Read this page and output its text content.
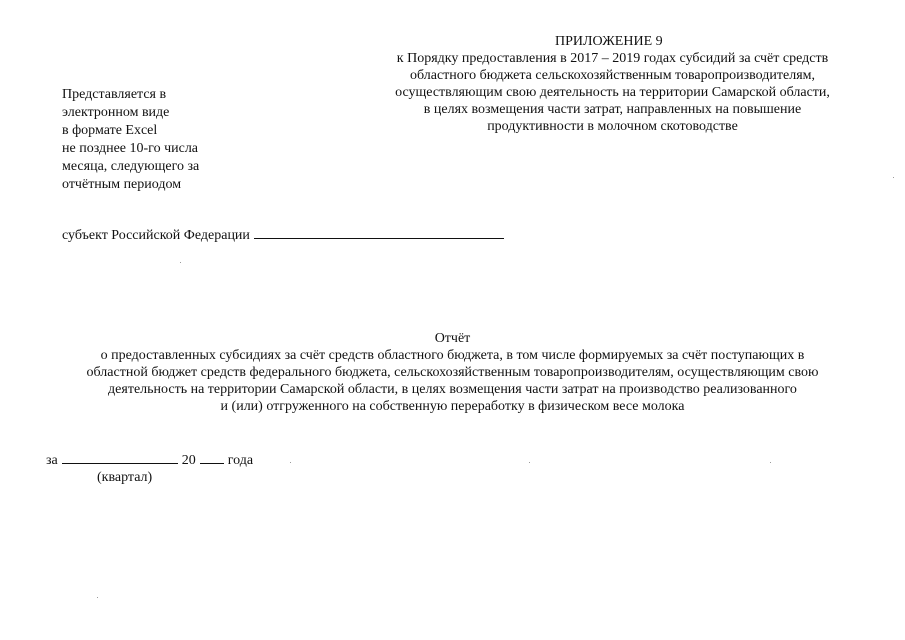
ПРИЛОЖЕНИЕ 9
к Порядку предоставления в 2017 – 2019 годах субсидий за счёт средств
областного бюджета сельскохозяйственным товаропроизводителям,
осуществляющим свою деятельность на территории Самарской области,
в целях возмещения части затрат, направленных на повышение
продуктивности в молочном скотоводстве
Представляется в
электронном виде
в формате Excel
не позднее 10-го числа
месяца, следующего за
отчётным периодом
субъект Российской Федерации
Отчёт
о предоставленных субсидиях за счёт средств областного бюджета, в том числе формируемых за счёт поступающих в
областной бюджет средств федерального бюджета, сельскохозяйственным товаропроизводителям, осуществляющим свою
деятельность на территории Самарской области, в целях возмещения части затрат на производство реализованного
и (или) отгруженного на собственную переработку в физическом весе молока
за	20 года
(квартал)
